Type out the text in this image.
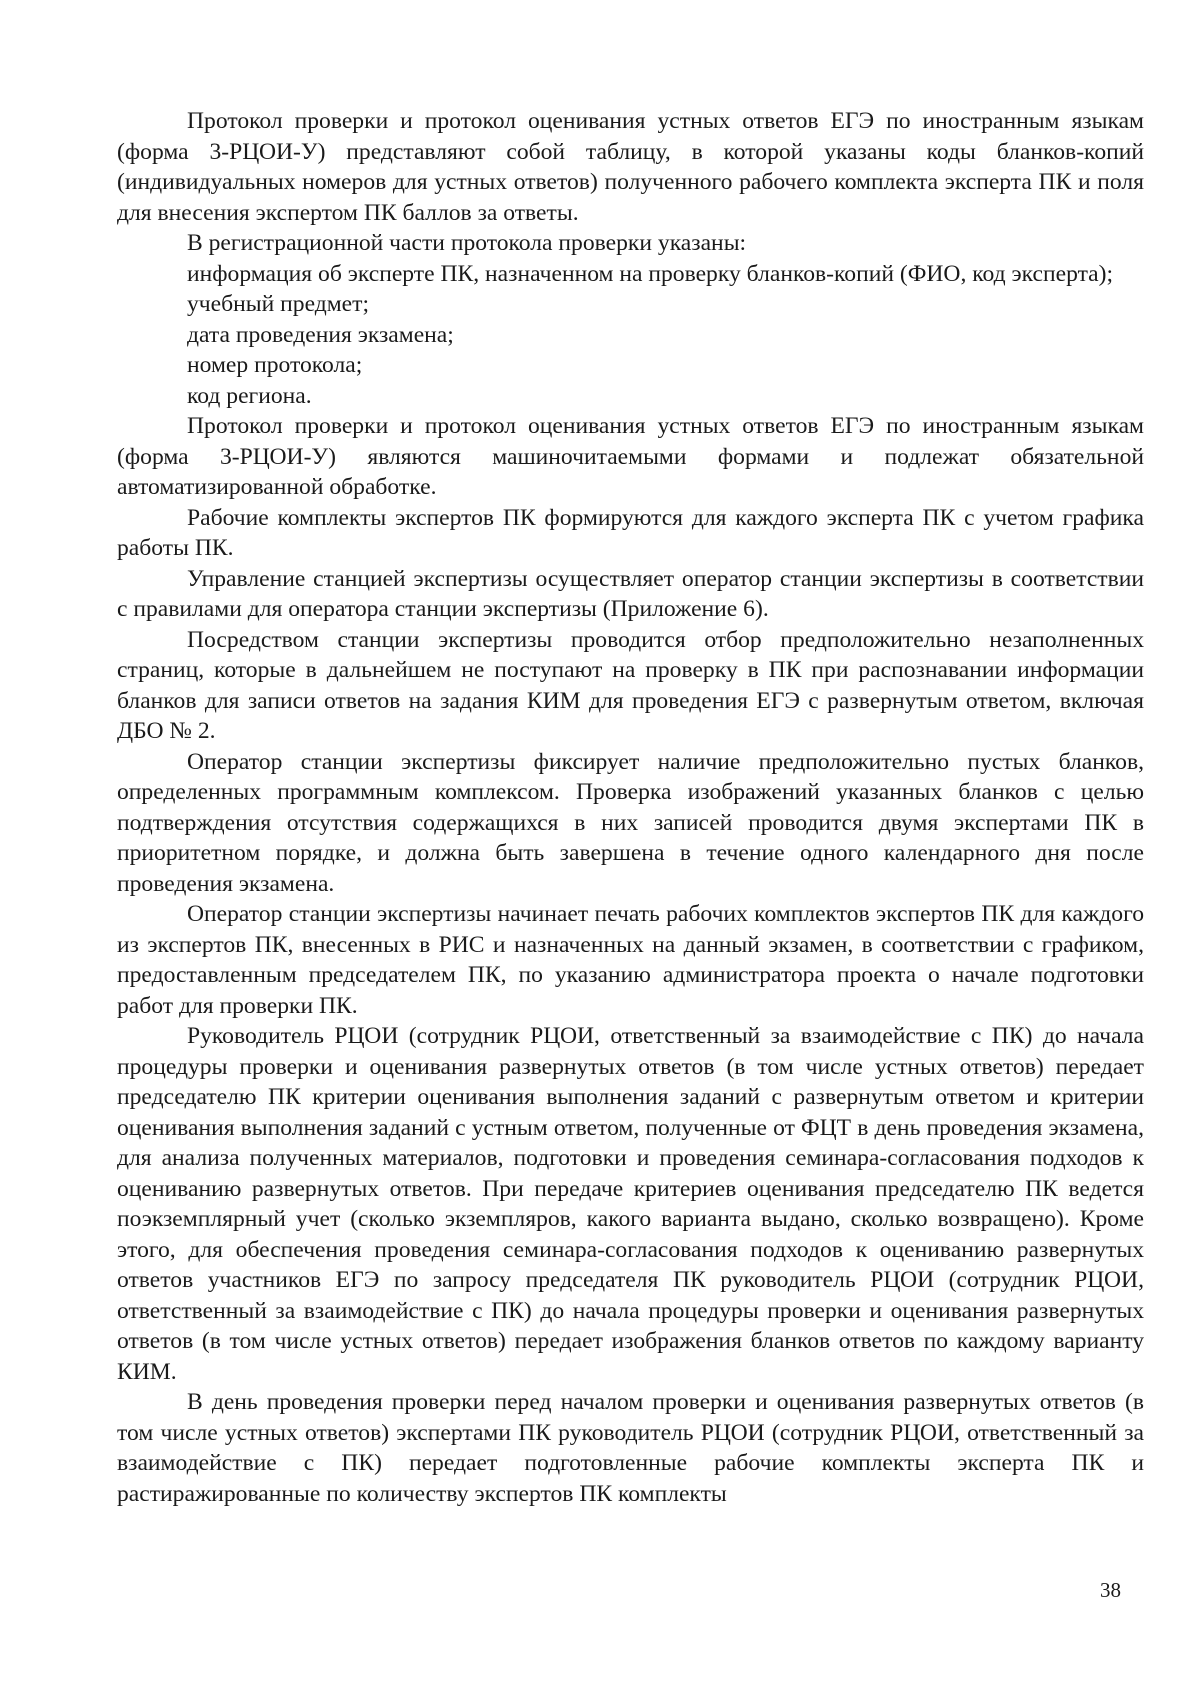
Протокол проверки и протокол оценивания устных ответов ЕГЭ по иностранным языкам (форма 3-РЦОИ-У) представляют собой таблицу, в которой указаны коды бланков-копий (индивидуальных номеров для устных ответов) полученного рабочего комплекта эксперта ПК и поля для внесения экспертом ПК баллов за ответы.

В регистрационной части протокола проверки указаны:

информация об эксперте ПК, назначенном на проверку бланков-копий (ФИО, код эксперта);

учебный предмет;

дата проведения экзамена;

номер протокола;

код региона.

Протокол проверки и протокол оценивания устных ответов ЕГЭ по иностранным языкам (форма 3-РЦОИ-У) являются машиночитаемыми формами и подлежат обязательной автоматизированной обработке.

Рабочие комплекты экспертов ПК формируются для каждого эксперта ПК с учетом графика работы ПК.

Управление станцией экспертизы осуществляет оператор станции экспертизы в соответствии с правилами для оператора станции экспертизы (Приложение 6).

Посредством станции экспертизы проводится отбор предположительно незаполненных страниц, которые в дальнейшем не поступают на проверку в ПК при распознавании информации бланков для записи ответов на задания КИМ для проведения ЕГЭ с развернутым ответом, включая ДБО № 2.

Оператор станции экспертизы фиксирует наличие предположительно пустых бланков, определенных программным комплексом. Проверка изображений указанных бланков с целью подтверждения отсутствия содержащихся в них записей проводится двумя экспертами ПК в приоритетном порядке, и должна быть завершена в течение одного календарного дня после проведения экзамена.

Оператор станции экспертизы начинает печать рабочих комплектов экспертов ПК для каждого из экспертов ПК, внесенных в РИС и назначенных на данный экзамен, в соответствии с графиком, предоставленным председателем ПК, по указанию администратора проекта о начале подготовки работ для проверки ПК.

Руководитель РЦОИ (сотрудник РЦОИ, ответственный за взаимодействие с ПК) до начала процедуры проверки и оценивания развернутых ответов (в том числе устных ответов) передает председателю ПК критерии оценивания выполнения заданий с развернутым ответом и критерии оценивания выполнения заданий с устным ответом, полученные от ФЦТ в день проведения экзамена, для анализа полученных материалов, подготовки и проведения семинара-согласования подходов к оцениванию развернутых ответов. При передаче критериев оценивания председателю ПК ведется поэкземплярный учет (сколько экземпляров, какого варианта выдано, сколько возвращено). Кроме этого, для обеспечения проведения семинара-согласования подходов к оцениванию развернутых ответов участников ЕГЭ по запросу председателя ПК руководитель РЦОИ (сотрудник РЦОИ, ответственный за взаимодействие с ПК) до начала процедуры проверки и оценивания развернутых ответов (в том числе устных ответов) передает изображения бланков ответов по каждому варианту КИМ.

В день проведения проверки перед началом проверки и оценивания развернутых ответов (в том числе устных ответов) экспертами ПК руководитель РЦОИ (сотрудник РЦОИ, ответственный за взаимодействие с ПК) передает подготовленные рабочие комплекты эксперта ПК и растиражированные по количеству экспертов ПК комплекты

38
